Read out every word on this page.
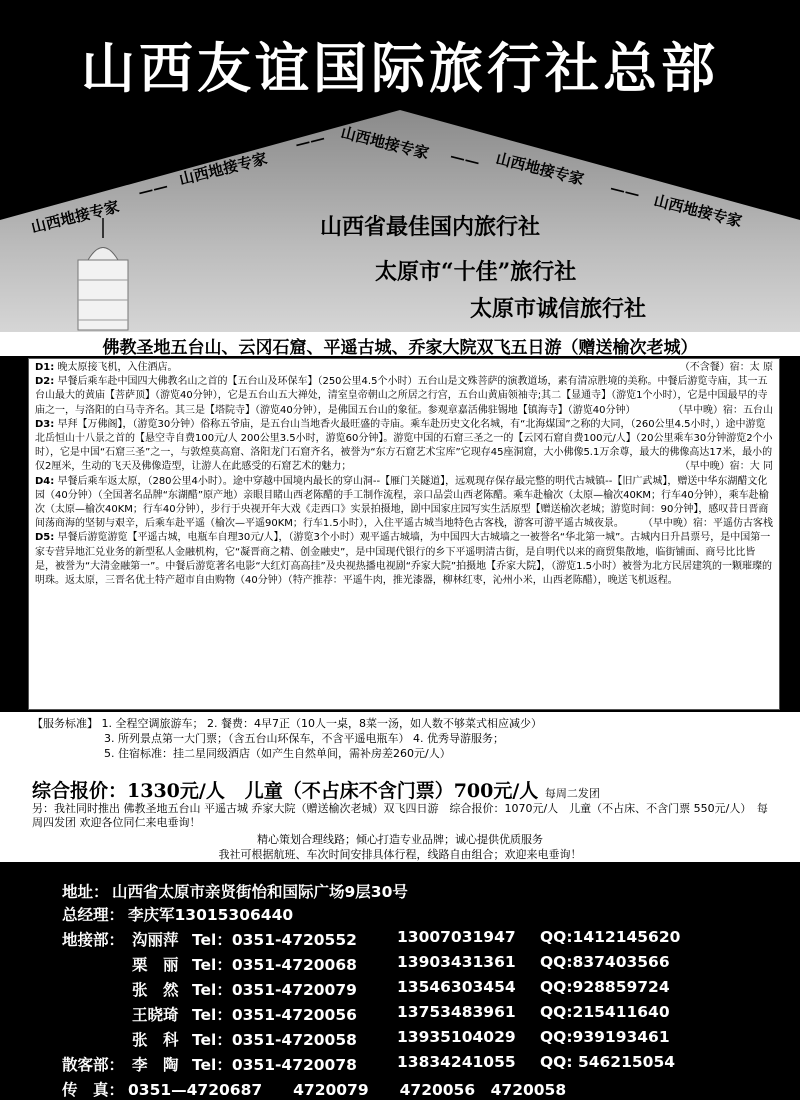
山西友谊国际旅行社总部
山西地接专家
——
山西地接专家
—— 山西地接专家 —— 山西地接专家
——
山西地接专家
山西省最佳国内旅行社
太原市“十佳”旅行社
太原市诚信旅行社
佛教圣地五台山、云冈石窟、平遥古城、乔家大院双飞五日游（赠送榆次老城）

D1: 晚太原接飞机，入住酒店。	（不含餐）宿：太 原

D2: 早餐后乘车赴中国四大佛教名山之首的【五台山及环保车】（250公里4.5个小时）五台山是文殊菩萨的演教道场，素有清凉胜境的美称。中餐后游览寺庙，其一五台山最大的黄庙【菩萨顶】（游览40分钟），它是五台山五大禅处，清室皇帝朝山之所居之行宫，五台山黄庙领袖寺;其二【显通寺】（游览1个小时），它是中国最早的寺庙之一，与洛阳的白马寺齐名。其三是【塔院寺】（游览40分钟），是佛国五台山的象征。参观章嘉活佛驻锡地【镇海寺】（游览40分钟）	（早中晚）宿：五台山

D3: 早拜【万佛阁】，（游览30分钟）俗称五爷庙，是五台山当地香火最旺盛的寺庙。乘车赴历史文化名城，有“北海煤国”之称的大同，（260公里4.5小时，）途中游览北岳恒山十八景之首的【悬空寺自费100元/人 200公里3.5小时，游览60分钟】。游览中国的石窟三圣之一的【云冈石窟自费100元/人】（20公里乘车30分钟游览2个小时），它是中国“石窟三圣”之一，与敦煌莫高窟、洛阳龙门石窟齐名，被誉为“东方石窟艺术宝库”它现存45座洞窟，大小佛像5.1万余尊，最大的佛像高达17米，最小的仅2厘米，生动的飞天及佛像造型，让游人在此感受的石窟艺术的魅力；	（早中晚）宿：大 同

D4: 早餐后乘车返太原，（280公里4小时）。途中穿越中国境内最长的穿山洞--【雁门关隧道】，远观现存保存最完整的明代古城镇--【旧广武城】，赠送中华东湖醋文化园（40分钟）（全国著名品牌“东湖醋”原产地）亲眼目睹山西老陈醋的手工制作流程，亲口品尝山西老陈醋。乘车赴榆次（太原—榆次40KM；行车40分钟），乘车赴榆次（太原—榆次40KM；行车40分钟），步行于央视开年大戏《走西口》实景拍摄地，剧中国家庄园写实生活原型【赠送榆次老城；游览时间：90分钟】，感叹昔日晋商间荡商海的坚韧与艰辛，后乘车赴平遥（榆次—平遥90KM；行车1.5小时），入住平遥古城当地特色古客栈，游客可游平遥古城夜景。 （早中晚）宿：平遥仿古客栈

D5: 早餐后游览游览【平遥古城，电瓶车自理30元/人】，（游览3个小时）观平遥古城墙，为中国四大古城墙之一被誉名“华北第一城”。古城内日升昌票号，是中国第一家专营异地汇兑业务的新型私人金融机构，它“凝晋商之精、创金融史”，是中国现代银行的乡下平遥明清古街，是自明代以来的商贸集散地，临街铺面、商号比比皆是，被誉为“大清金融第一”。中餐后游览著名电影“大红灯高高挂”及央视热播电视剧“乔家大院”拍摄地【乔家大院】，（游览1.5小时）被誉为北方民居建筑的一颗璀璨的明珠。返太原，三晋名优土特产超市自由购物（40分钟）（特产推荐：平遥牛肉，推光漆器，柳林红枣，沁州小米，山西老陈醋），晚送飞机返程。

【服务标准】 1. 全程空调旅游车； 2. 餐费：4早7正（10人一桌，8菜一汤，如人数不够菜式相应减少）
3. 所列景点第一大门票；（含五台山环保车，不含平遥电瓶车） 4. 优秀导游服务；
5. 住宿标准：挂二星同级酒店（如产生自然单间，需补房差260元/人）
综合报价：1330元/人 儿童（不占床不含门票）700元/人 每周二发团
另：我社同时推出 佛教圣地五台山 平遥古城 乔家大院（赠送榆次老城）双飞四日游　综合报价：1070元/人　儿童（不占床、不含门票 550元/人）　每周四发团 欢迎各位同仁来电垂询！
精心策划合理线路；倾心打造专业品牌；诚心提供优质服务
我社可根据航班、车次时间安排具体行程，线路自由组合；欢迎来电垂询！
五台山/大同/平遥古城/乔家大院/常家庄园/王家大院/绵山/大寨/壶口/洪洞大槐树/内蒙草原/沙漠等景点可任意组合
地址： 山西省太原市亲贤街怡和国际广场9层30号
总经理： 李庆军13015306440
地接部： 沟丽萍 Tel：0351-4720552	13007031947 QQ:1412145620
栗　丽 Tel：0351-4720068	13903431361 QQ:837403566
张　然 Tel：0351-4720079	13546303454 QQ:928859724
王晓琦 Tel：0351-4720056	13753483961 QQ:215411640
张　科 Tel：0351-4720058	13935104029 QQ:939193461
散客部： 李　陶 Tel：0351-4720078	13834241055 QQ: 546215054
传　真： 0351—4720687　　4720079　　4720056　4720058
